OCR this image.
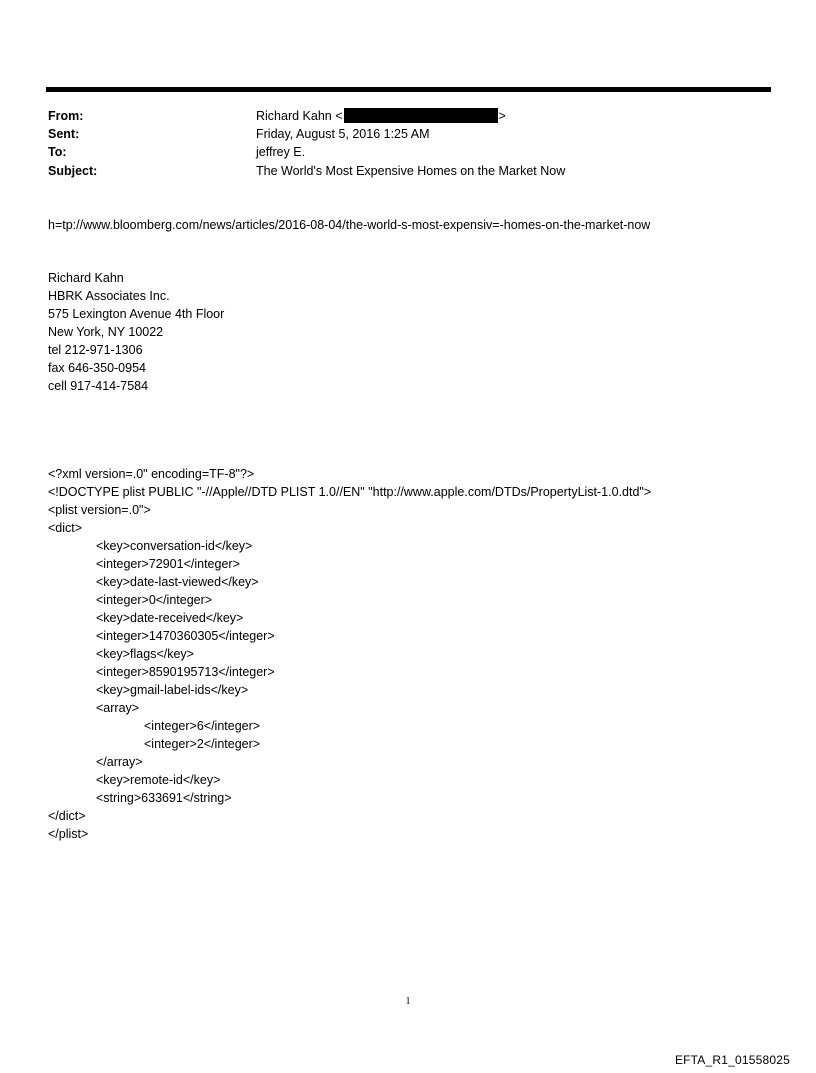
From:	Richard Kahn <	>
Sent:	Friday, August 5, 2016 1:25 AM
To:	jeffrey E.
Subject:	The World's Most Expensive Homes on the Market Now
h=tp://www.bloomberg.com/news/articles/2016-08-04/the-world-s-most-expensiv=-homes-on-the-market-now
Richard Kahn
HBRK Associates Inc.
575 Lexington Avenue 4th Floor
New York, NY 10022
tel 212-971-1306
fax 646-350-0954
cell 917-414-7584
<?xml version=.0" encoding=TF-8"?>
<!DOCTYPE plist PUBLIC "-//Apple//DTD PLIST 1.0//EN" "http://www.apple.com/DTDs/PropertyList-1.0.dtd">
<plist version=.0">
<dict>
<key>conversation-id</key>
<integer>72901</integer>
<key>date-last-viewed</key>
<integer>0</integer>
<key>date-received</key>
<integer>1470360305</integer>
<key>flags</key>
<integer>8590195713</integer>
<key>gmail-label-ids</key>
<array>
<integer>6</integer>
<integer>2</integer>
</array>
<key>remote-id</key>
<string>633691</string>
</dict>
</plist>
1
EFTA_R1_01558025
